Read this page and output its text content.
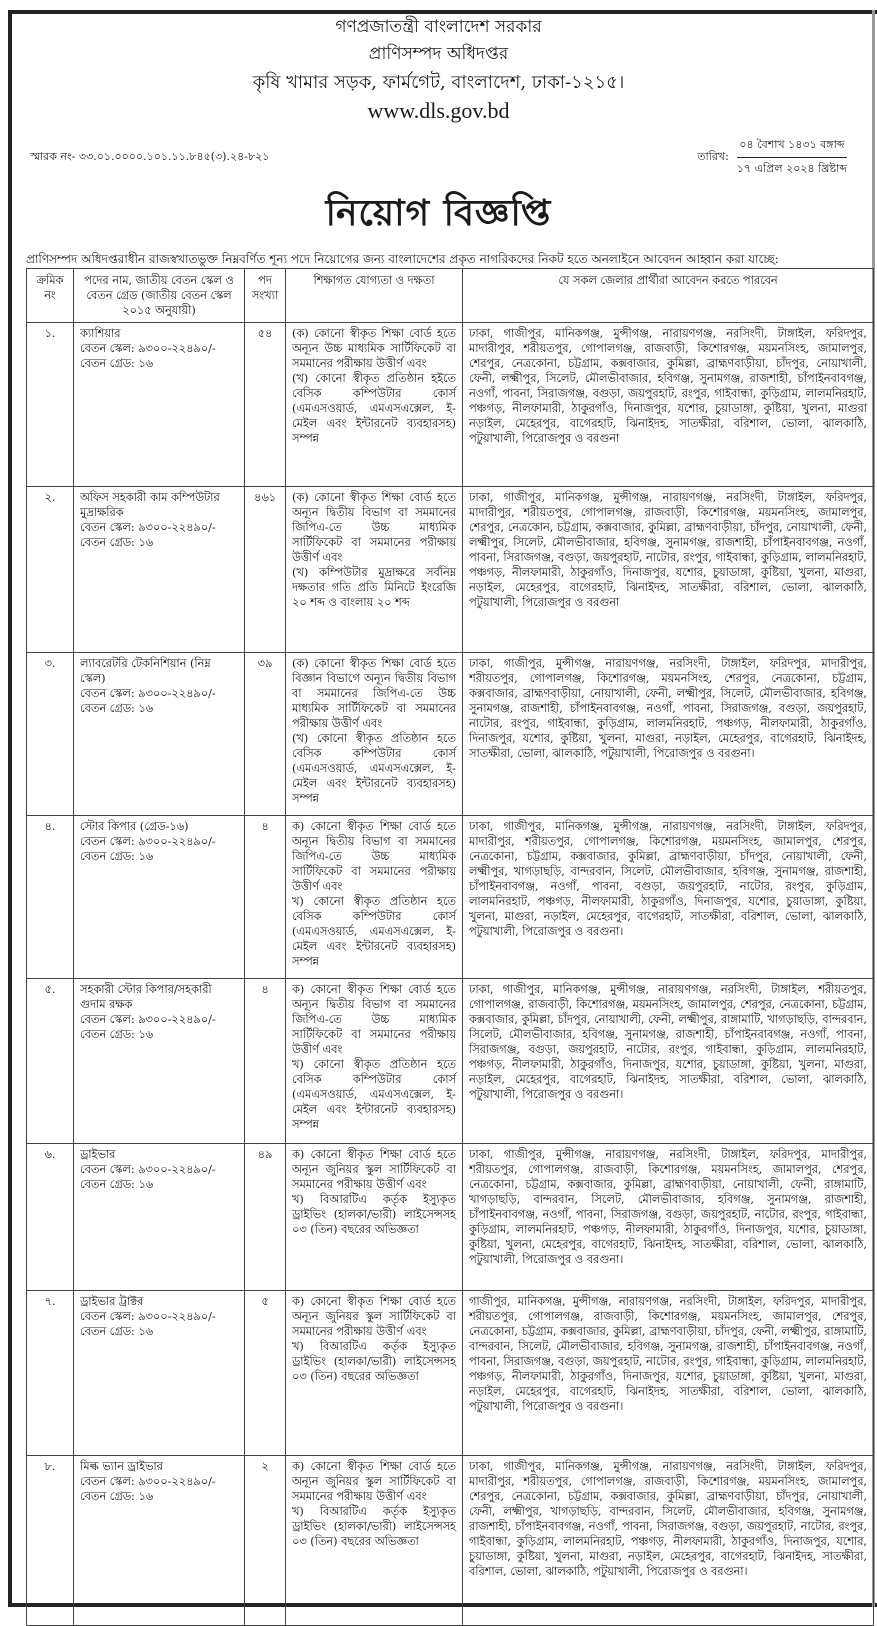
গণপ্রজাতন্ত্রী বাংলাদেশ সরকার
প্রাণিসম্পদ অধিদপ্তর
কৃষি খামার সড়ক, ফার্মগেট, বাংলাদেশ, ঢাকা-১২১৫।
www.dls.gov.bd
স্মারক নং- ৩৩.০১.০০০০.১০১.১১.৮৪৫(৩).২৪-৮২১	তারিখ:
০৪ বৈশাখ ১৪৩১ বঙ্গাব্দ
১৭ এপ্রিল ২০২৪ খ্রিষ্টাব্দ
নিয়োগ বিজ্ঞপ্তি
প্রাণিসম্পদ অধিদপ্তরাধীন রাজস্বখাতভুক্ত নিম্নবর্ণিত শূন্য পদে নিয়োগের জন্য বাংলাদেশের প্রকৃত নাগরিকদের নিকট হতে অনলাইনে আবেদন আহ্বান করা যাচ্ছে:
ক্রমিক নং	পদের নাম, জাতীয় বেতন স্কেল ও বেতন গ্রেড (জাতীয় বেতন স্কেল ২০১৫ অনুযায়ী)	পদ সংখ্যা	শিক্ষাগত যোগ্যতা ও দক্ষতা	যে সকল জেলার প্রার্থীরা আবেদন করতে পারবেন
১.	ক্যাশিয়ার
বেতন স্কেল: ৯৩০০-২২৪৯০/-
বেতন গ্রেড: ১৬
	৫৪	(ক) কোনো স্বীকৃত শিক্ষা বোর্ড হতে অন্যূন উচ্চ মাধ্যমিক সার্টিফিকেট বা সমমানের পরীক্ষায় উত্তীর্ণ এবং
(খ) কোনো স্বীকৃত প্রতিষ্ঠান হইতে বেসিক কম্পিউটার কোর্স (এমএসওয়ার্ড, এমএসএক্সেল, ই-মেইল এবং ইন্টারনেট ব্যবহারসহ) সম্পন্ন
	ঢাকা, গাজীপুর, মানিকগঞ্জ, মুন্সীগঞ্জ, নারায়ণগঞ্জ, নরসিংদী, টাঙ্গাইল, ফরিদপুর, মাদারীপুর, শরীয়তপুর, গোপালগঞ্জ, রাজবাড়ী, কিশোরগঞ্জ, ময়মনসিংহ, জামালপুর, শেরপুর, নেত্রকোনা, চট্টগ্রাম, কক্সবাজার, কুমিল্লা, ব্রাহ্মণবাড়ীয়া, চাঁদপুর, নোয়াখালী, ফেনী, লক্ষ্মীপুর, সিলেট, মৌলভীবাজার, হবিগঞ্জ, সুনামগঞ্জ, রাজশাহী, চাঁপাইনবাবগঞ্জ, নওগাঁ, পাবনা, সিরাজগঞ্জ, বগুড়া, জয়পুরহাট, রংপুর, গাইবান্ধা, কুড়িগ্রাম, লালমনিরহাট, পঞ্চগড়, নীলফামারী, ঠাকুরগাঁও, দিনাজপুর, যশোর, চুয়াডাঙ্গা, কুষ্টিয়া, খুলনা, মাগুরা নড়াইল, মেহেরপুর, বাগেরহাট, ঝিনাইদহ, সাতক্ষীরা, বরিশাল, ভোলা, ঝালকাঠি, পটুয়াখালী, পিরোজপুর ও বরগুনা
২.	অফিস সহকারী কাম কম্পিউটার মুদ্রাক্ষরিক
বেতন স্কেল: ৯৩০০-২২৪৯০/-
বেতন গ্রেড: ১৬
	৪৬১	(ক) কোনো স্বীকৃত শিক্ষা বোর্ড হতে অন্যূন দ্বিতীয় বিভাগ বা সমমানের জিপিএ-তে উচ্চ মাধ্যমিক সার্টিফিকেট বা সমমানের পরীক্ষায় উত্তীর্ণ এবং
(খ) কম্পিউটার মুদ্রাক্ষরে সর্বনিম্ন দক্ষতার গতি প্রতি মিনিটে ইংরেজি ২০ শব্দ ও বাংলায় ২০ শব্দ
	ঢাকা, গাজীপুর, মানিকগঞ্জ, মুন্সীগঞ্জ, নারায়ণগঞ্জ, নরসিংদী, টাঙ্গাইল, ফরিদপুর, মাদারীপুর, শরীয়তপুর, গোপালগঞ্জ, রাজবাড়ী, কিশোরগঞ্জ, ময়মনসিংহ, জামালপুর, শেরপুর, নেত্রকোন, চট্টগ্রাম, কক্সবাজার, কুমিল্লা, ব্রাহ্মণবাড়ীয়া, চাঁদপুর, নোয়াখালী, ফেনী, লক্ষ্মীপুর, সিলেট, মৌলভীবাজার, হবিগঞ্জ, সুনামগঞ্জ, রাজশাহী, চাঁপাইনবাবগঞ্জ, নওগাঁ, পাবনা, সিরাজগঞ্জ, বগুড়া, জয়পুরহাট, নাটোর, রংপুর, গাইবান্ধা, কুড়িগ্রাম, লালমনিরহাট, পঞ্চগড়, নীলফামারী, ঠাকুরগাঁও, দিনাজপুর, যশোর, চুয়াডাঙ্গা, কুষ্টিয়া, খুলনা, মাগুরা, নড়াইল, মেহেরপুর, বাগেরহাট, ঝিনাইদহ, সাতক্ষীরা, বরিশাল, ভোলা, ঝালকাঠি, পটুয়াখালী, পিরোজপুর ও বরগুনা
৩.	ল্যাবরেটরি টেকনিশিয়ান (নিম্ন স্কেল)
বেতন স্কেল: ৯৩০০-২২৪৯০/-
বেতন গ্রেড: ১৬
	৩৯	(ক) কোনো স্বীকৃত শিক্ষা বোর্ড হতে বিজ্ঞান বিভাগে অন্যূন দ্বিতীয় বিভাগ বা সমমানের জিপিএ-তে উচ্চ মাধ্যমিক সার্টিফিকেট বা সমমানের পরীক্ষায় উত্তীর্ণ এবং
(খ) কোনো স্বীকৃত প্রতিষ্ঠান হতে বেসিক কম্পিউটার কোর্স (এমএসওয়ার্ড, এমএসএক্সেল, ই-মেইল এবং ইন্টারনেট ব্যবহারসহ) সম্পন্ন
	ঢাকা, গাজীপুর, মুন্সীগঞ্জ, নারায়ণগঞ্জ, নরসিংদী, টাঙ্গাইল, ফরিদপুর, মাদারীপুর, শরীয়তপুর, গোপালগঞ্জ, কিশোরগঞ্জ, ময়মনসিংহ, শেরপুর, নেত্রকোনা, চট্টগ্রাম, কক্সবাজার, ব্রাহ্মণবাড়ীয়া, নোয়াখালী, ফেনী, লক্ষ্মীপুর, সিলেট, মৌলভীবাজার, হবিগঞ্জ, সুনামগঞ্জ, রাজশাহী, চাঁপাইনবাবগঞ্জ, নওগাঁ, পাবনা, সিরাজগঞ্জ, বগুড়া, জয়পুরহাট, নাটোর, রংপুর, গাইবান্ধা, কুড়িগ্রাম, লালমনিরহাট, পঞ্চগড়, নীলফামারী, ঠাকুরগাঁও, দিনাজপুর, যশোর, কুষ্টিয়া, খুলনা, মাগুরা, নড়াইল, মেহেরপুর, বাগেরহাট, ঝিনাইদহ, সাতক্ষীরা, ভোলা, ঝালকাঠি, পটুয়াখালী, পিরোজপুর ও বরগুনা।
৪.	স্টোর কিপার (গ্রেড-১৬)
বেতন স্কেল: ৯৩০০-২২৪৯০/-
বেতন গ্রেড: ১৬
	৪	ক) কোনো স্বীকৃত শিক্ষা বোর্ড হতে অন্যূন দ্বিতীয় বিভাগ বা সমমানের জিপিএ-তে উচ্চ মাধ্যমিক সার্টিফিকেট বা সমমানের পরীক্ষায় উত্তীর্ণ এবং
খ) কোনো স্বীকৃত প্রতিষ্ঠান হতে বেসিক কম্পিউটার কোর্স (এমএসওয়ার্ড, এমএসএক্সেল, ই-মেইল এবং ইন্টারনেট ব্যবহারসহ) সম্পন্ন
	ঢাকা, গাজীপুর, মানিকগঞ্জ, মুন্সীগঞ্জ, নারায়ণগঞ্জ, নরসিংদী, টাঙ্গাইল, ফরিদপুর, মাদারীপুর, শরীয়তপুর, গোপালগঞ্জ, কিশোরগঞ্জ, ময়মনসিংহ, জামালপুর, শেরপুর, নেত্রকোনা, চট্টগ্রাম, কক্সবাজার, কুমিল্লা, ব্রাহ্মণবাড়ীয়া, চাঁদপুর, নোয়াখালী, ফেনী, লক্ষ্মীপুর, খাগড়াছড়ি, বান্দরবান, সিলেট, মৌলভীবাজার, হবিগঞ্জ, সুনামগঞ্জ, রাজশাহী, চাঁপাইনবাবগঞ্জ, নওগাঁ, পাবনা, বগুড়া, জয়পুরহাট, নাটোর, রংপুর, কুড়িগ্রাম, লালমনিরহাট, পঞ্চগড়, নীলফামারী, ঠাকুরগাঁও, দিনাজপুর, যশোর, চুয়াডাঙ্গা, কুষ্টিয়া, খুলনা, মাগুরা, নড়াইল, মেহেরপুর, বাগেরহাট, সাতক্ষীরা, বরিশাল, ভোলা, ঝালকাঠি, পটুয়াখালী, পিরোজপুর ও বরগুনা।
৫.	সহকারী স্টোর কিপার/সহকারী গুদাম রক্ষক
বেতন স্কেল: ৯৩০০-২২৪৯০/-
বেতন গ্রেড: ১৬
	৪	ক) কোনো স্বীকৃত শিক্ষা বোর্ড হতে অন্যূন দ্বিতীয় বিভাগ বা সমমানের জিপিএ-তে উচ্চ মাধ্যমিক সার্টিফিকেট বা সমমানের পরীক্ষায় উত্তীর্ণ এবং
খ) কোনো স্বীকৃত প্রতিষ্ঠান হতে বেসিক কম্পিউটার কোর্স (এমএসওয়ার্ড, এমএসএক্সেল, ই-মেইল এবং ইন্টারনেট ব্যবহারসহ) সম্পন্ন
	ঢাকা, গাজীপুর, মানিকগঞ্জ, মুন্সীগঞ্জ, নারায়ণগঞ্জ, নরসিংদী, টাঙ্গাইল, শরীয়তপুর, গোপালগঞ্জ, রাজবাড়ী, কিশোরগঞ্জ, ময়মনসিংহ, জামালপুর, শেরপুর, নেত্রকোনা, চট্টগ্রাম, কক্সবাজার, কুমিল্লা, চাঁদপুর, নোয়াখালী, ফেনী, লক্ষ্মীপুর, রাঙ্গামাটি, খাগড়াছড়ি, বান্দরবান, সিলেট, মৌলভীবাজার, হবিগঞ্জ, সুনামগঞ্জ, রাজশাহী, চাঁপাইনবাবগঞ্জ, নওগাঁ, পাবনা, সিরাজগঞ্জ, বগুড়া, জয়পুরহাট, নাটোর, রংপুর, গাইবান্ধা, কুড়িগ্রাম, লালমনিরহাট, পঞ্চগড়, নীলফামারী, ঠাকুরগাঁও, দিনাজপুর, যশোর, চুয়াডাঙ্গা, কুষ্টিয়া, খুলনা, মাগুরা, নড়াইল, মেহেরপুর, বাগেরহাট, ঝিনাইদহ, সাতক্ষীরা, বরিশাল, ভোলা, ঝালকাঠি, পটুয়াখালী, পিরোজপুর ও বরগুনা।
৬.	ড্রাইভার
বেতন স্কেল: ৯৩০০-২২৪৯০/-
বেতন গ্রেড: ১৬
	৪৯	ক) কোনো স্বীকৃত শিক্ষা বোর্ড হতে অন্যূন জুনিয়র স্কুল সার্টিফিকেট বা সমমানের পরীক্ষায় উত্তীর্ণ এবং
খ) বিআরটিএ কর্তৃক ইস্যুকৃত ড্রাইভিং (হালকা/ভারী) লাইসেন্সসহ ০৩ (তিন) বছরের অভিজ্ঞতা
	ঢাকা, গাজীপুর, মুন্সীগঞ্জ, নারায়ণগঞ্জ, নরসিংদী, টাঙ্গাইল, ফরিদপুর, মাদারীপুর, শরীয়তপুর, গোপালগঞ্জ, রাজবাড়ী, কিশোরগঞ্জ, ময়মনসিংহ, জামালপুর, শেরপুর, নেত্রকোনা, চট্টগ্রাম, কক্সবাজার, কুমিল্লা, ব্রাহ্মণবাড়ীয়া, নোয়াখালী, ফেনী, রাঙ্গামাটি, খাগড়াছড়ি, বান্দরবান, সিলেট, মৌলভীবাজার, হবিগঞ্জ, সুনামগঞ্জ, রাজশাহী, চাঁপাইনবাবগঞ্জ, নওগাঁ, পাবনা, সিরাজগঞ্জ, বগুড়া, জয়পুরহাট, নাটোর, রংপুর, গাইবান্ধা, কুড়িগ্রাম, লালমনিরহাট, পঞ্চগড়, নীলফামারী, ঠাকুরগাঁও, দিনাজপুর, যশোর, চুয়াডাঙ্গা, কুষ্টিয়া, খুলনা, মেহেরপুর, বাগেরহাট, ঝিনাইদহ, সাতক্ষীরা, বরিশাল, ভোলা, ঝালকাঠি, পটুয়াখালী, পিরোজপুর ও বরগুনা।
৭.	ড্রাইভার ট্রাক্টর
বেতন স্কেল: ৯৩০০-২২৪৯০/-
বেতন গ্রেড: ১৬
	৫	ক) কোনো স্বীকৃত শিক্ষা বোর্ড হতে অন্যূন জুনিয়র স্কুল সার্টিফিকেট বা সমমানের পরীক্ষায় উত্তীর্ণ এবং
খ) বিআরটিএ কর্তৃক ইস্যুকৃত ড্রাইভিং (হালকা/ভারী) লাইসেন্সসহ ০৩ (তিন) বছরের অভিজ্ঞতা
	গাজীপুর, মানিকগঞ্জ, মুন্সীগঞ্জ, নারায়ণগঞ্জ, নরসিংদী, টাঙ্গাইল, ফরিদপুর, মাদারীপুর, শরীয়তপুর, গোপালগঞ্জ, রাজবাড়ী, কিশোরগঞ্জ, ময়মনসিংহ, জামালপুর, শেরপুর, নেত্রকোনা, চট্টগ্রাম, কক্সবাজার, কুমিল্লা, ব্রাহ্মণবাড়ীয়া, চাঁদপুর, ফেনী, লক্ষ্মীপুর, রাঙ্গামাটি, বান্দরবান, সিলেট, মৌলভীবাজার, হবিগঞ্জ, সুনামগঞ্জ, রাজশাহী, চাঁপাইনবাবগঞ্জ, নওগাঁ, পাবনা, সিরাজগঞ্জ, বগুড়া, জয়পুরহাট, নাটোর, রংপুর, গাইবান্ধা, কুড়িগ্রাম, লালমনিরহাট, পঞ্চগড়, নীলফামারী, ঠাকুরগাঁও, দিনাজপুর, যশোর, চুয়াডাঙ্গা, কুষ্টিয়া, খুলনা, মাগুরা, নড়াইল, মেহেরপুর, বাগেরহাট, ঝিনাইদহ, সাতক্ষীরা, বরিশাল, ভোলা, ঝালকাঠি, পটুয়াখালী, পিরোজপুর ও বরগুনা।
৮.	মিল্ক ভ্যান ড্রাইভার
বেতন স্কেল: ৯৩০০-২২৪৯০/-
বেতন গ্রেড: ১৬
	২	ক) কোনো স্বীকৃত শিক্ষা বোর্ড হতে অন্যূন জুনিয়র স্কুল সার্টিফিকেট বা সমমানের পরীক্ষায় উত্তীর্ণ এবং
খ) বিআরটিএ কর্তৃক ইস্যুকৃত ড্রাইভিং (হালকা/ভারী) লাইসেন্সসহ ০৩ (তিন) বছরের অভিজ্ঞতা
	ঢাকা, গাজীপুর, মানিকগঞ্জ, মুন্সীগঞ্জ, নারায়ণগঞ্জ, নরসিংদী, টাঙ্গাইল, ফরিদপুর, মাদারীপুর, শরীয়তপুর, গোপালগঞ্জ, রাজবাড়ী, কিশোরগঞ্জ, ময়মনসিংহ, জামালপুর, শেরপুর, নেত্রকোনা, চট্টগ্রাম, কক্সবাজার, কুমিল্লা, ব্রাহ্মণবাড়ীয়া, চাঁদপুর, নোয়াখালী, ফেনী, লক্ষ্মীপুর, খাগড়াছড়ি, বান্দরবান, সিলেট, মৌলভীবাজার, হবিগঞ্জ, সুনামগঞ্জ, রাজশাহী, চাঁপাইনবাবগঞ্জ, নওগাঁ, পাবনা, সিরাজগঞ্জ, বগুড়া, জয়পুরহাট, নাটোর, রংপুর, গাইবান্ধা, কুড়িগ্রাম, লালমনিরহাট, পঞ্চগড়, নীলফামারী, ঠাকুরগাঁও, দিনাজপুর, যশোর, চুয়াডাঙ্গা, কুষ্টিয়া, খুলনা, মাগুরা, নড়াইল, মেহেরপুর, বাগেরহাট, ঝিনাইদহ, সাতক্ষীরা, বরিশাল, ভোলা, ঝালকাঠি, পটুয়াখালী, পিরোজপুর ও বরগুনা।
